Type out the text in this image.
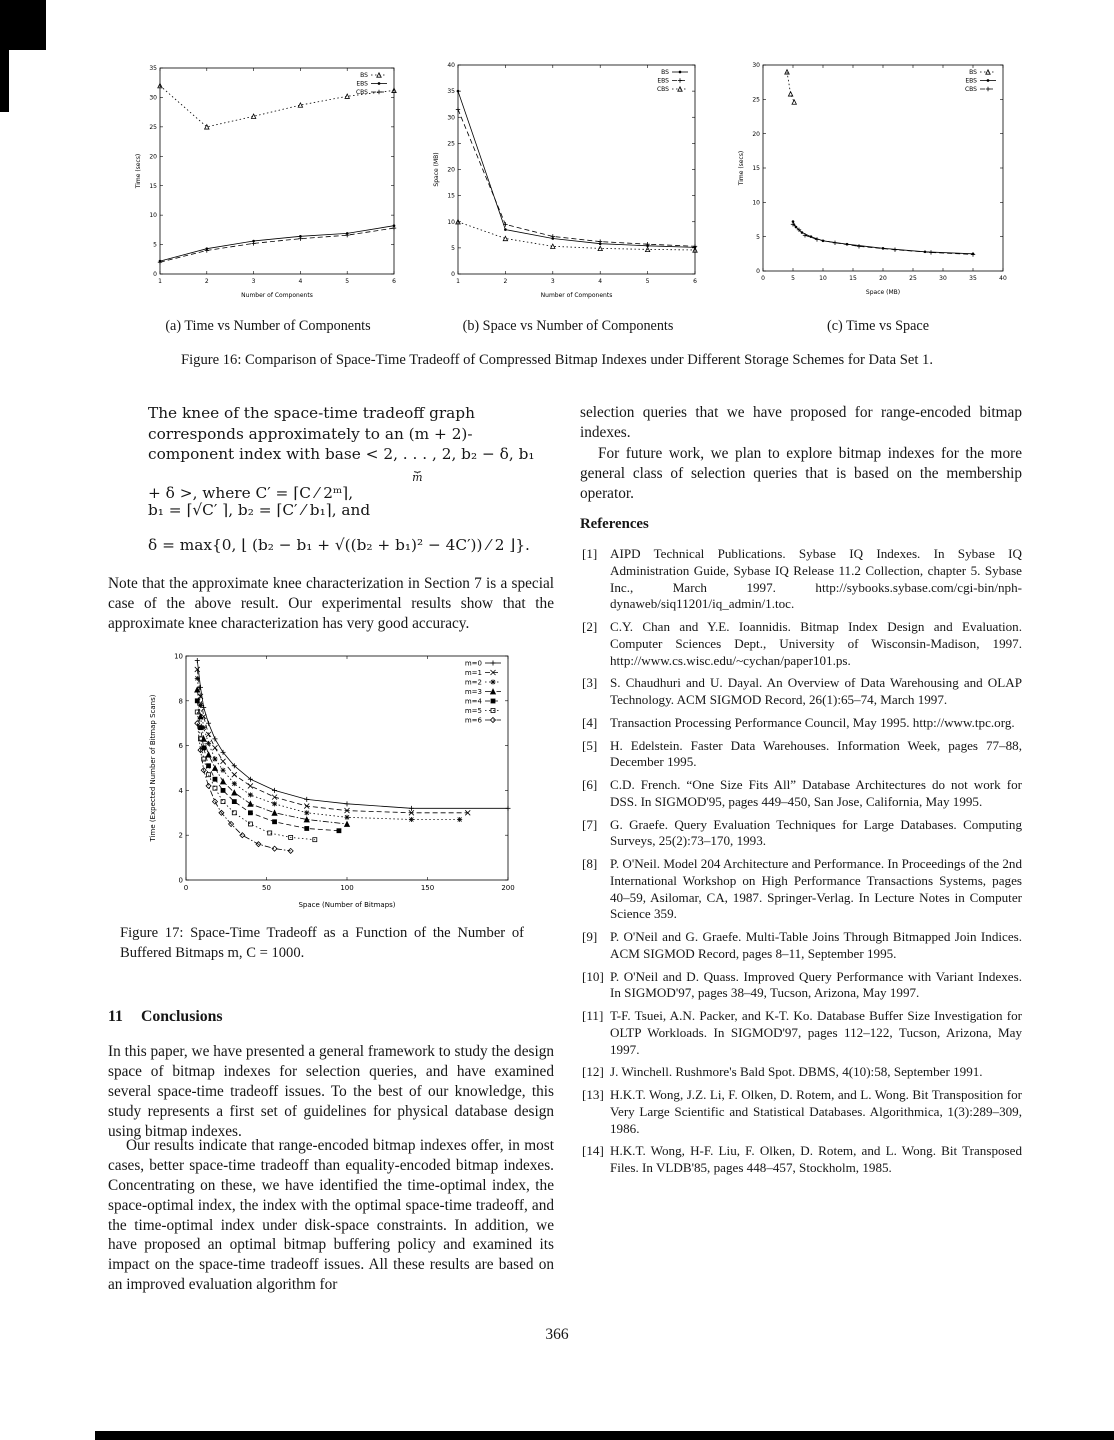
1	2	3	4	5	6
0
5
10
15
20
25
30
35
Number of Components
Time (secs)
BS
EBS
CBS
1	2	3	4	5	6
0
5
10
15
20
25
30
35
40
Number of Components
Space (MB)
BS
EBS
CBS
0	5	10	15	20	25	30	35	40
0
5
10
15
20
25
30
Space (MB)
Time (secs)
BS
EBS
CBS
(a) Time vs Number of Components	(b) Space vs Number of Components	(c) Time vs Space
Figure 16: Comparison of Space-Time Tradeoff of Compressed Bitmap Indexes under Different Storage Schemes for Data Set 1.
The knee of the space-time tradeoff graph corresponds approximately to an (m + 2)-component index with base < 2, . . . , 2
⏟
m
, b₂ − δ, b₁ + δ >, where C′ = ⌈C ⁄ 2ᵐ⌉,
b₁ = ⌈√C′ ⌉, b₂ = ⌈C′ ⁄ b₁⌉, and
δ = max{0, ⌊ (b₂ − b₁ + √((b₂ + b₁)² − 4C′)) ⁄ 2 ⌋}.
Note that the approximate knee characterization in Section 7 is a special case of the above result. Our experimental results show that the approximate knee characterization has very good accuracy.
0	50	100	150	200
0
2
4
6
8
10
Space (Number of Bitmaps)
Time (Expected Number of Bitmap Scans)
m=0
m=1
m=2
m=3
m=4
m=5
m=6
Figure 17: Space-Time Tradeoff as a Function of the Number of Buffered Bitmaps m, C = 1000.
11 Conclusions
In this paper, we have presented a general framework to study the design space of bitmap indexes for selection queries, and have examined several space-time tradeoff issues. To the best of our knowledge, this study represents a first set of guidelines for physical database design using bitmap indexes.
Our results indicate that range-encoded bitmap indexes offer, in most cases, better space-time tradeoff than equality-encoded bitmap indexes. Concentrating on these, we have identified the time-optimal index, the space-optimal index, the index with the optimal space-time tradeoff, and the time-optimal index under disk-space constraints. In addition, we have proposed an optimal bitmap buffering policy and examined its impact on the space-time tradeoff issues. All these results are based on an improved evaluation algorithm for
selection queries that we have proposed for range-encoded bitmap indexes.
For future work, we plan to explore bitmap indexes for the more general class of selection queries that is based on the membership operator.
References
[1] AIPD Technical Publications. Sybase IQ Indexes. In Sybase IQ Administration Guide, Sybase IQ Release 11.2 Collection, chapter 5. Sybase Inc., March 1997. http://sybooks.sybase.com/cgi-bin/nph-dynaweb/siq11201/iq_admin/1.toc.
[2] C.Y. Chan and Y.E. Ioannidis. Bitmap Index Design and Evaluation. Computer Sciences Dept., University of Wisconsin-Madison, 1997. http://www.cs.wisc.edu/~cychan/paper101.ps.
[3] S. Chaudhuri and U. Dayal. An Overview of Data Warehousing and OLAP Technology. ACM SIGMOD Record, 26(1):65–74, March 1997.
[4] Transaction Processing Performance Council, May 1995. http://www.tpc.org.
[5] H. Edelstein. Faster Data Warehouses. Information Week, pages 77–88, December 1995.
[6] C.D. French. “One Size Fits All” Database Architectures do not work for DSS. In SIGMOD'95, pages 449–450, San Jose, California, May 1995.
[7] G. Graefe. Query Evaluation Techniques for Large Databases. Computing Surveys, 25(2):73–170, 1993.
[8] P. O'Neil. Model 204 Architecture and Performance. In Proceedings of the 2nd International Workshop on High Performance Transactions Systems, pages 40–59, Asilomar, CA, 1987. Springer-Verlag. In Lecture Notes in Computer Science 359.
[9] P. O'Neil and G. Graefe. Multi-Table Joins Through Bitmapped Join Indices. ACM SIGMOD Record, pages 8–11, September 1995.
[10] P. O'Neil and D. Quass. Improved Query Performance with Variant Indexes. In SIGMOD'97, pages 38–49, Tucson, Arizona, May 1997.
[11] T-F. Tsuei, A.N. Packer, and K-T. Ko. Database Buffer Size Investigation for OLTP Workloads. In SIGMOD'97, pages 112–122, Tucson, Arizona, May 1997.
[12] J. Winchell. Rushmore's Bald Spot. DBMS, 4(10):58, September 1991.
[13] H.K.T. Wong, J.Z. Li, F. Olken, D. Rotem, and L. Wong. Bit Transposition for Very Large Scientific and Statistical Databases. Algorithmica, 1(3):289–309, 1986.
[14] H.K.T. Wong, H-F. Liu, F. Olken, D. Rotem, and L. Wong. Bit Transposed Files. In VLDB'85, pages 448–457, Stockholm, 1985.
366
